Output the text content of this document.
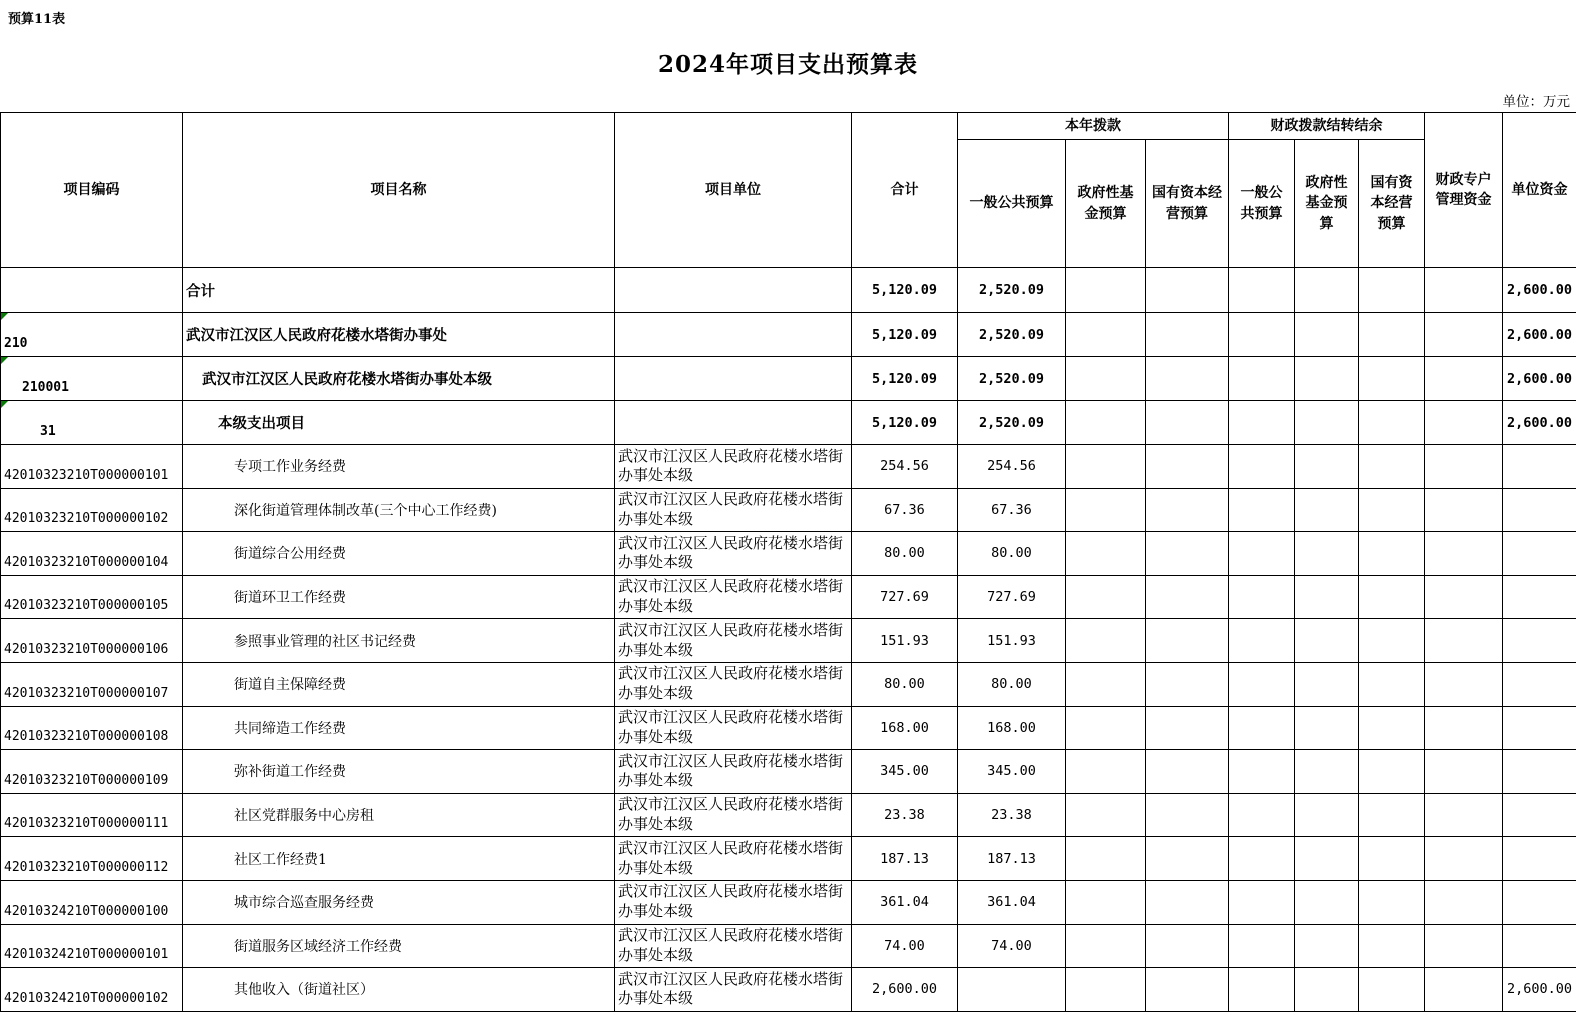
预算11表
2024年项目支出预算表
单位：万元
项目编码	项目名称	项目单位	合计	本年拨款			财政拨款结转结余			财政专户管理资金	单位资金
				一般公共预算	政府性基金预算	国有资本经营预算	一般公共预算	政府性基金预算	国有资本经营预算		
	合计		5,120.09	2,520.09							2,600.00

210	武汉市江汉区人民政府花楼水塔街办事处		5,120.09	2,520.09							2,600.00

210001	武汉市江汉区人民政府花楼水塔街办事处本级		5,120.09	2,520.09							2,600.00

31	本级支出项目		5,120.09	2,520.09							2,600.00
42010323210T000000101	专项工作业务经费	武汉市江汉区人民政府花楼水塔街办事处本级	254.56	254.56							
42010323210T000000102	深化街道管理体制改革(三个中心工作经费)	武汉市江汉区人民政府花楼水塔街办事处本级	67.36	67.36							
42010323210T000000104	街道综合公用经费	武汉市江汉区人民政府花楼水塔街办事处本级	80.00	80.00							
42010323210T000000105	街道环卫工作经费	武汉市江汉区人民政府花楼水塔街办事处本级	727.69	727.69							
42010323210T000000106	参照事业管理的社区书记经费	武汉市江汉区人民政府花楼水塔街办事处本级	151.93	151.93							
42010323210T000000107	街道自主保障经费	武汉市江汉区人民政府花楼水塔街办事处本级	80.00	80.00							
42010323210T000000108	共同缔造工作经费	武汉市江汉区人民政府花楼水塔街办事处本级	168.00	168.00							
42010323210T000000109	弥补街道工作经费	武汉市江汉区人民政府花楼水塔街办事处本级	345.00	345.00							
42010323210T000000111	社区党群服务中心房租	武汉市江汉区人民政府花楼水塔街办事处本级	23.38	23.38							
42010323210T000000112	社区工作经费1	武汉市江汉区人民政府花楼水塔街办事处本级	187.13	187.13							
42010324210T000000100	城市综合巡查服务经费	武汉市江汉区人民政府花楼水塔街办事处本级	361.04	361.04							
42010324210T000000101	街道服务区域经济工作经费	武汉市江汉区人民政府花楼水塔街办事处本级	74.00	74.00							
42010324210T000000102	其他收入（街道社区）	武汉市江汉区人民政府花楼水塔街办事处本级	2,600.00								2,600.00
